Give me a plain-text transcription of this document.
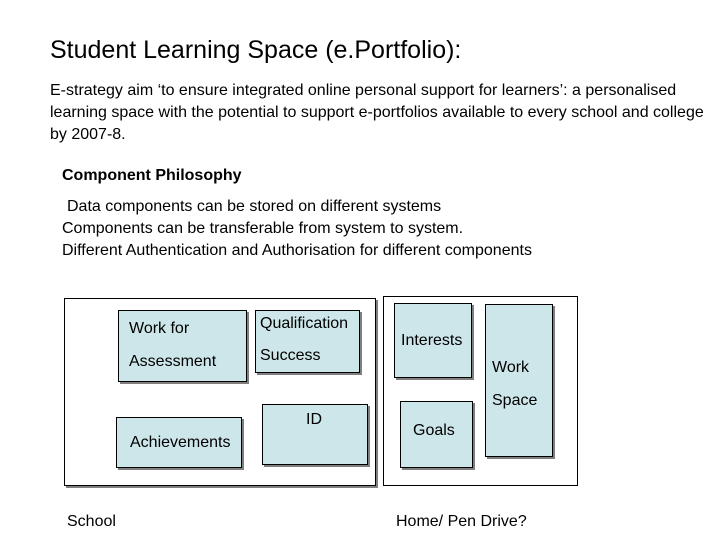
Student Learning Space (e.Portfolio):
E-strategy aim ‘to ensure integrated online personal support for learners’: a personalised learning space with the potential to support e-portfolios available to every school and college by 2007-8.
Component Philosophy
Data components can be stored on different systems
Components can be transferable from system to system.
Different Authentication and Authorisation for different components
Work for
Assessment
Qualification
Success
ID
Achievements
Interests
Work
Space
Goals
School	Home/ Pen Drive?
